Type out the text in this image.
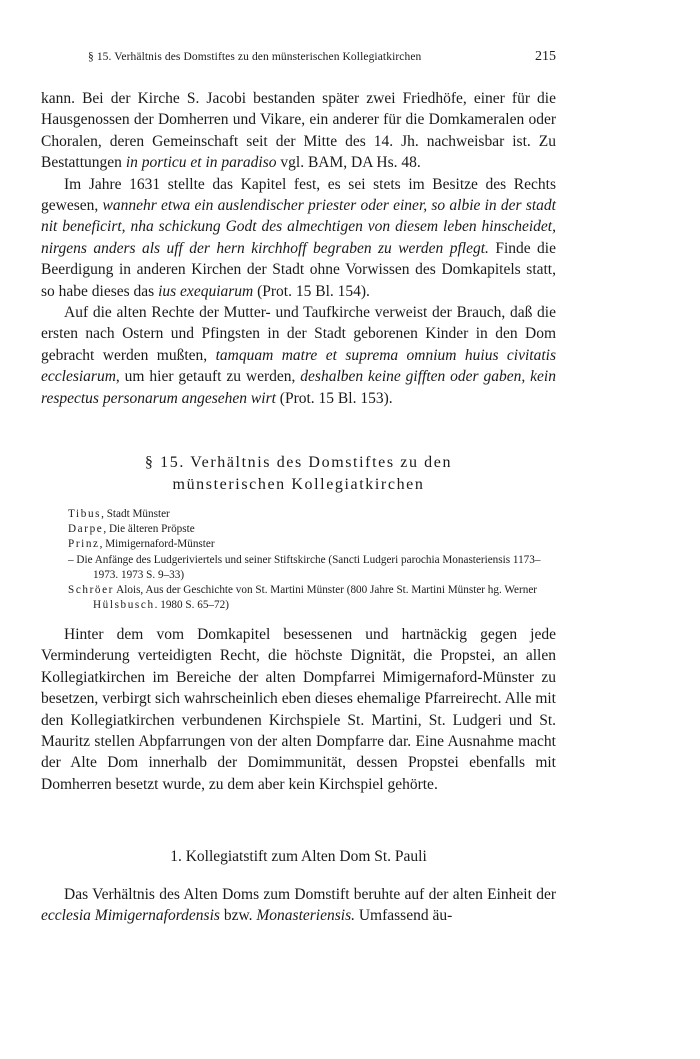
§ 15. Verhältnis des Domstiftes zu den münsterischen Kollegiatkirchen	215

kann. Bei der Kirche S. Jacobi bestanden später zwei Friedhöfe, einer für die Hausgenossen der Domherren und Vikare, ein anderer für die Domkameralen oder Choralen, deren Gemeinschaft seit der Mitte des 14. Jh. nachweisbar ist. Zu Bestattungen in porticu et in paradiso vgl. BAM, DA Hs. 48.

Im Jahre 1631 stellte das Kapitel fest, es sei stets im Besitze des Rechts gewesen, wannehr etwa ein auslendischer priester oder einer, so albie in der stadt nit beneficirt, nha schickung Godt des almechtigen von diesem leben hinscheidet, nirgens anders als uff der hern kirchhoff begraben zu werden pflegt. Finde die Beerdigung in anderen Kirchen der Stadt ohne Vorwissen des Domkapitels statt, so habe dieses das ius exequiarum (Prot. 15 Bl. 154).

Auf die alten Rechte der Mutter- und Taufkirche verweist der Brauch, daß die ersten nach Ostern und Pfingsten in der Stadt geborenen Kinder in den Dom gebracht werden mußten, tamquam matre et suprema omnium huius civitatis ecclesiarum, um hier getauft zu werden, deshalben keine gifften oder gaben, kein respectus personarum angesehen wirt (Prot. 15 Bl. 153).

§ 15. Verhältnis des Domstiftes zu den
münsterischen Kollegiatkirchen

Tibus, Stadt Münster

Darpe, Die älteren Pröpste

Prinz, Mimigernaford-Münster

– Die Anfänge des Ludgeriviertels und seiner Stiftskirche (Sancti Ludgeri parochia Monasteriensis 1173–1973. 1973 S. 9–33)

Schröer Alois, Aus der Geschichte von St. Martini Münster (800 Jahre St. Martini Münster hg. Werner Hülsbusch. 1980 S. 65–72)

Hinter dem vom Domkapitel besessenen und hartnäckig gegen jede Verminderung verteidigten Recht, die höchste Dignität, die Propstei, an allen Kollegiatkirchen im Bereiche der alten Dompfarrei Mimigernaford-Münster zu besetzen, verbirgt sich wahrscheinlich eben dieses ehemalige Pfarreirecht. Alle mit den Kollegiatkirchen verbundenen Kirchspiele St. Martini, St. Ludgeri und St. Mauritz stellen Abpfarrungen von der alten Dompfarre dar. Eine Ausnahme macht der Alte Dom innerhalb der Domimmunität, dessen Propstei ebenfalls mit Domherren besetzt wurde, zu dem aber kein Kirchspiel gehörte.

1. Kollegiatstift zum Alten Dom St. Pauli

Das Verhältnis des Alten Doms zum Domstift beruhte auf der alten Einheit der ecclesia Mimigernafordensis bzw. Monasteriensis. Umfassend äu-
